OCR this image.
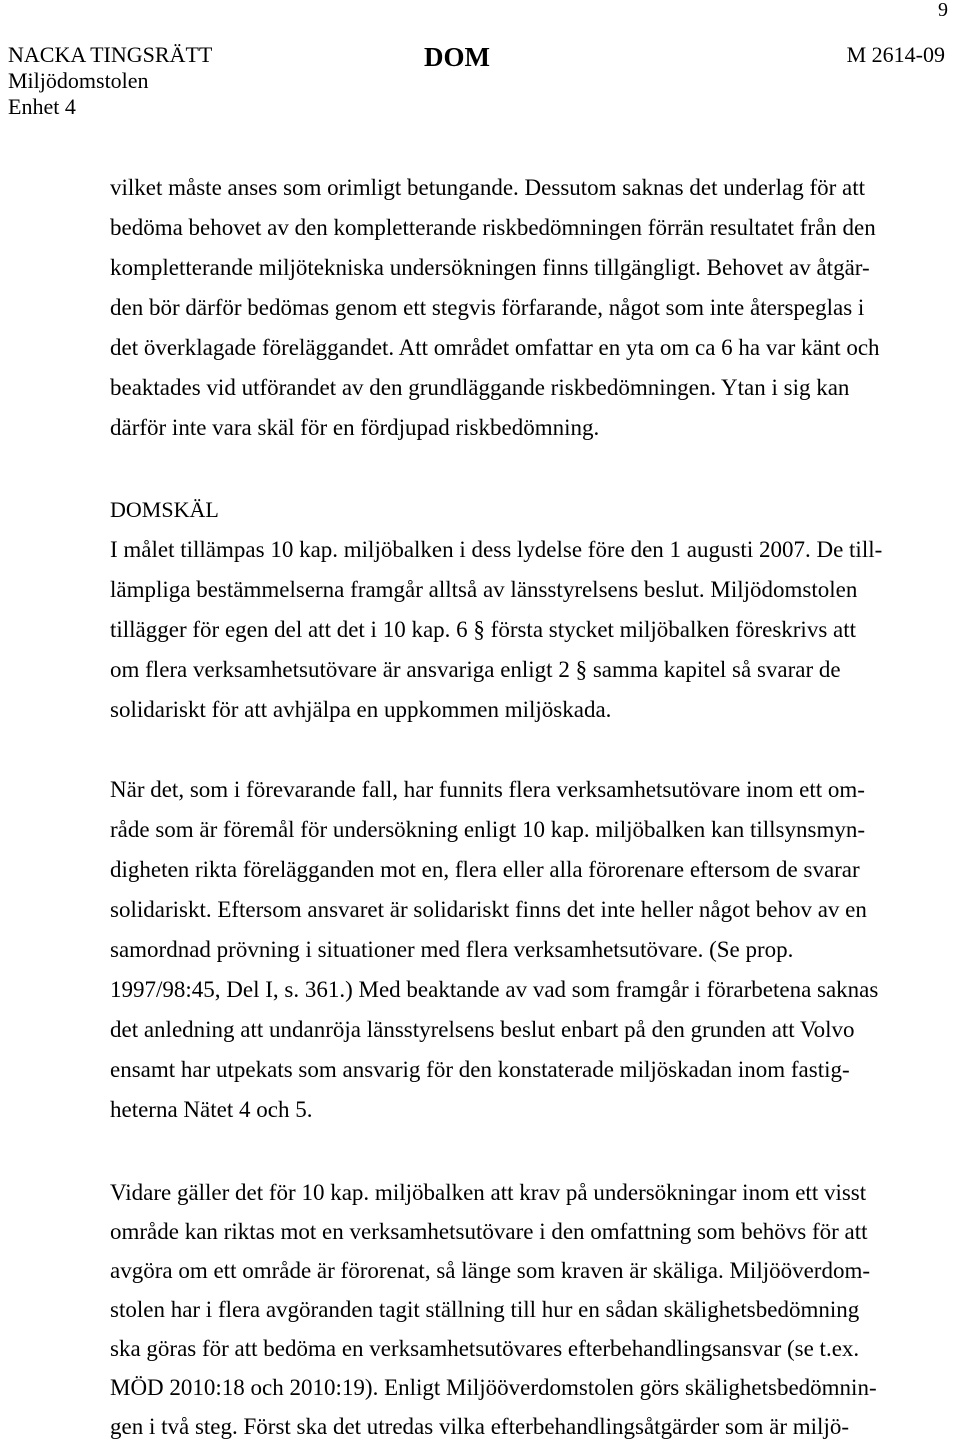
9
NACKA TINGSRÄTT
Miljödomstolen
Enhet 4
DOM	M 2614-09
vilket måste anses som orimligt betungande. Dessutom saknas det underlag för att
bedöma behovet av den kompletterande riskbedömningen förrän resultatet från den
kompletterande miljötekniska undersökningen finns tillgängligt. Behovet av åtgär-
den bör därför bedömas genom ett stegvis förfarande, något som inte återspeglas i
det överklagade föreläggandet. Att området omfattar en yta om ca 6 ha var känt och
beaktades vid utförandet av den grundläggande riskbedömningen. Ytan i sig kan
därför inte vara skäl för en fördjupad riskbedömning.
DOMSKÄL
I målet tillämpas 10 kap. miljöbalken i dess lydelse före den 1 augusti 2007. De till-
lämpliga bestämmelserna framgår alltså av länsstyrelsens beslut. Miljödomstolen
tillägger för egen del att det i 10 kap. 6 § första stycket miljöbalken föreskrivs att
om flera verksamhetsutövare är ansvariga enligt 2 § samma kapitel så svarar de
solidariskt för att avhjälpa en uppkommen miljöskada.
När det, som i förevarande fall, har funnits flera verksamhetsutövare inom ett om-
råde som är föremål för undersökning enligt 10 kap. miljöbalken kan tillsynsmyn-
digheten rikta förelägganden mot en, flera eller alla förorenare eftersom de svarar
solidariskt. Eftersom ansvaret är solidariskt finns det inte heller något behov av en
samordnad prövning i situationer med flera verksamhetsutövare. (Se prop.
1997/98:45, Del I, s. 361.) Med beaktande av vad som framgår i förarbetena saknas
det anledning att undanröja länsstyrelsens beslut enbart på den grunden att Volvo
ensamt har utpekats som ansvarig för den konstaterade miljöskadan inom fastig-
heterna Nätet 4 och 5.
Vidare gäller det för 10 kap. miljöbalken att krav på undersökningar inom ett visst
område kan riktas mot en verksamhetsutövare i den omfattning som behövs för att
avgöra om ett område är förorenat, så länge som kraven är skäliga. Miljööverdom-
stolen har i flera avgöranden tagit ställning till hur en sådan skälighetsbedömning
ska göras för att bedöma en verksamhetsutövares efterbehandlingsansvar (se t.ex.
MÖD 2010:18 och 2010:19). Enligt Miljööverdomstolen görs skälighetsbedömnin-
gen i två steg. Först ska det utredas vilka efterbehandlingsåtgärder som är miljö-
